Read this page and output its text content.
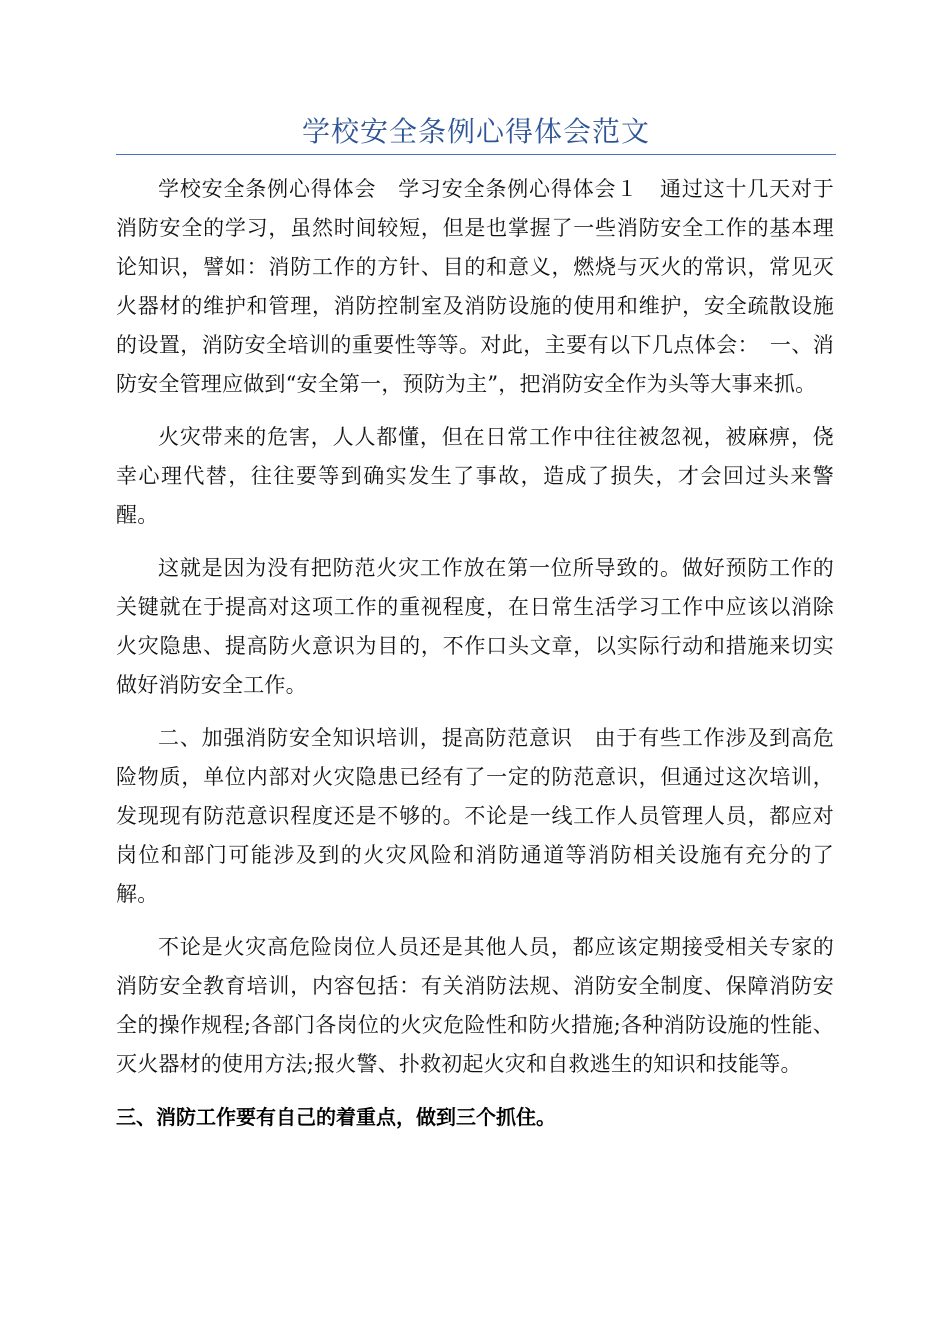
学校安全条例心得体会范文

学校安全条例心得体会　学习安全条例心得体会１　通过这十几天对于消防安全的学习，虽然时间较短，但是也掌握了一些消防安全工作的基本理论知识，譬如：消防工作的方针、目的和意义，燃烧与灭火的常识，常见灭火器材的维护和管理，消防控制室及消防设施的使用和维护，安全疏散设施的设置，消防安全培训的重要性等等。对此，主要有以下几点体会：　一、消防安全管理应做到“安全第一，预防为主”，把消防安全作为头等大事来抓。

火灾带来的危害，人人都懂，但在日常工作中往往被忽视，被麻痹，侥幸心理代替，往往要等到确实发生了事故，造成了损失，才会回过头来警醒。

这就是因为没有把防范火灾工作放在第一位所导致的。做好预防工作的关键就在于提高对这项工作的重视程度，在日常生活学习工作中应该以消除火灾隐患、提高防火意识为目的，不作口头文章，以实际行动和措施来切实做好消防安全工作。

二、加强消防安全知识培训，提高防范意识　由于有些工作涉及到高危险物质，单位内部对火灾隐患已经有了一定的防范意识，但通过这次培训，发现现有防范意识程度还是不够的。不论是一线工作人员管理人员，都应对岗位和部门可能涉及到的火灾风险和消防通道等消防相关设施有充分的了解。

不论是火灾高危险岗位人员还是其他人员，都应该定期接受相关专家的消防安全教育培训，内容包括：有关消防法规、消防安全制度、保障消防安全的操作规程;各部门各岗位的火灾危险性和防火措施;各种消防设施的性能、灭火器材的使用方法;报火警、扑救初起火灾和自救逃生的知识和技能等。

三、消防工作要有自己的着重点，做到三个抓住。
